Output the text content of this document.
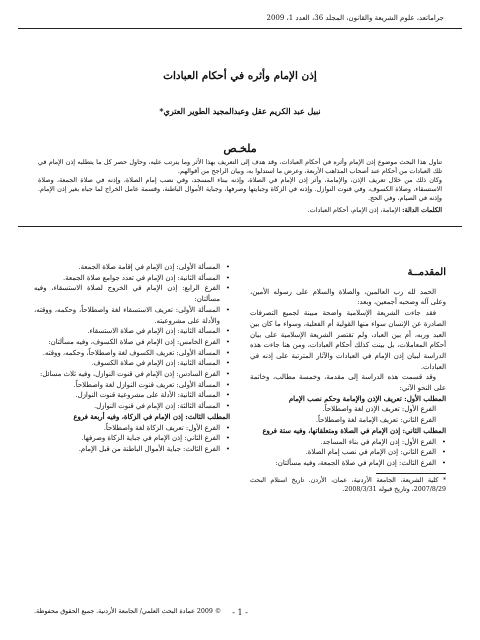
جراماتعد، علوم الشريعة والقانون، المجلّد 36، العدد 1، 2009
إذن الإمام وأثره في أحكام العبادات
نبيل عبد الكريم عقل وعبدالمجيد الطوير العتري*
ملخـص

تناول هذا البحث موضوع إذن الإمام وأثره في أحكام العبادات، وقد هدف إلى التعريف بهذا الأثر وما يترتب عليه، وحاول حصر كل ما يتطلبه إذن الإمام في تلك العبادات من أحكام عند أصحاب المذاهب الأربعة، وعرض ما استدلوا به، وبيان الراجح من أقوالهم.

وكان ذلك من خلال تعريف الإذن، والإمامة، وأثر إذن الإمام في الصلاة، وإذنه ببناء المسجد، وفي نصب إمام الصلاة، وإذنه في صلاة الجمعة، وصلاة الاستسقاء، وصلاة الكسوف، وفي قنوت النوازل. وإذنه في الزكاة وجبايتها وصرفها، وجباية الأموال الباطنة، وقسمة عامل الخراج لما جباه بغير إذن الإمام. وإذنه في الصيام، وفي الحج.

الكلمات الدالة: الإمامة، إذن الإمام، أحكام العبادات.
المقدمــة

الحمد لله رب العالمين، والصلاة والسلام على رسوله الأمين، وعلى آله وصحبه أجمعين، وبعد:

فقد جاءت الشريعة الإسلامية واضحة مبينة لجميع التصرفات الصادرة عن الإنسان سواء منها القولية أم الفعلية، وسواء ما كان بين العبد وربه، أم بين العباد، ولم تقتصر الشريعة الإسلامية على بيان أحكام المعاملات، بل بينت كذلك أحكام العبادات، ومن هنا جاءت هذه الدراسة لبيان إذن الإمام في العبادات والآثار المترتبة على إذنه في العبادات.

وقد قسمت هذه الدراسة إلى مقدمة، وخمسة مطالب، وخاتمة على النحو الآتي:

المطلب الأول: تعريف الإذن والإمامة وحكم نصب الإمام

الفرع الأول: تعريف الإذن لغة واصطلاحاً.

الفرع الثاني: تعريف الإمامة لغة واصطلاحاً.

المطلب الثاني: إذن الإمام في الصلاة ومتعلقاتها، وفيه ستة فروع

•
الفرع الأول: إذن الإمام في بناء المساجد.
•
الفرع الثاني: إذن الإمام في نصب إمام الصلاة.
•
الفرع الثالث: إذن الإمام في صلاة الجمعة، وفيه مسألتان:
* كلية الشريعة، الجامعة الأردنية، عمان، الأردن. تاريخ استلام البحث 2007/8/29، وتاريخ قبوله 2008/3/31.
•
المسألة الأولى: إذن الإمام في إقامة صلاة الجمعة.
•
المسألة الثانية: إذن الإمام في تعدد جوامع صلاة الجمعة.
•
الفرع الرابع: إذن الإمام في الخروج لصلاة الاستسقاء، وفيه مسألتان:
•
المسألة الأولى: تعريف الاستسقاء لغة واصطلاحاً، وحكمه، ووقته، والأدلة على مشروعيته.
•
المسألة الثانية: إذن الإمام في صلاة الاستسقاء.
•
الفرع الخامس: إذن الإمام في صلاة الكسوف، وفيه مسألتان:
•
المسألة الأولى: تعريف الكسوف لغة واصطلاحاً، وحكمه، ووقته.
•
المسألة الثانية: إذن الإمام في صلاة الكسوف.
•
الفرع السادس: إذن الإمام في قنوت النوازل، وفيه ثلاث مسائل:
•
المسألة الأولى: تعريف قنوت النوازل لغة واصطلاحاً.
•
المسألة الثانية: الأدلة على مشروعية قنوت النوازل.
•
المسألة الثالثة: إذن الإمام في قنوت النوازل.

المطلب الثالث: إذن الإمام في الزكاة، وفيه أربعة فروع

•
الفرع الأول: تعريف الزكاة لغة واصطلاحاً.
•
الفرع الثاني: إذن الإمام في جباية الزكاة وصرفها.
•
الفرع الثالث: جباية الأموال الباطنة من قبل الإمام.
© 2009 عمادة البحث العلمي/ الجامعة الأردنية. جميع الحقوق محفوظة. - 1 -
